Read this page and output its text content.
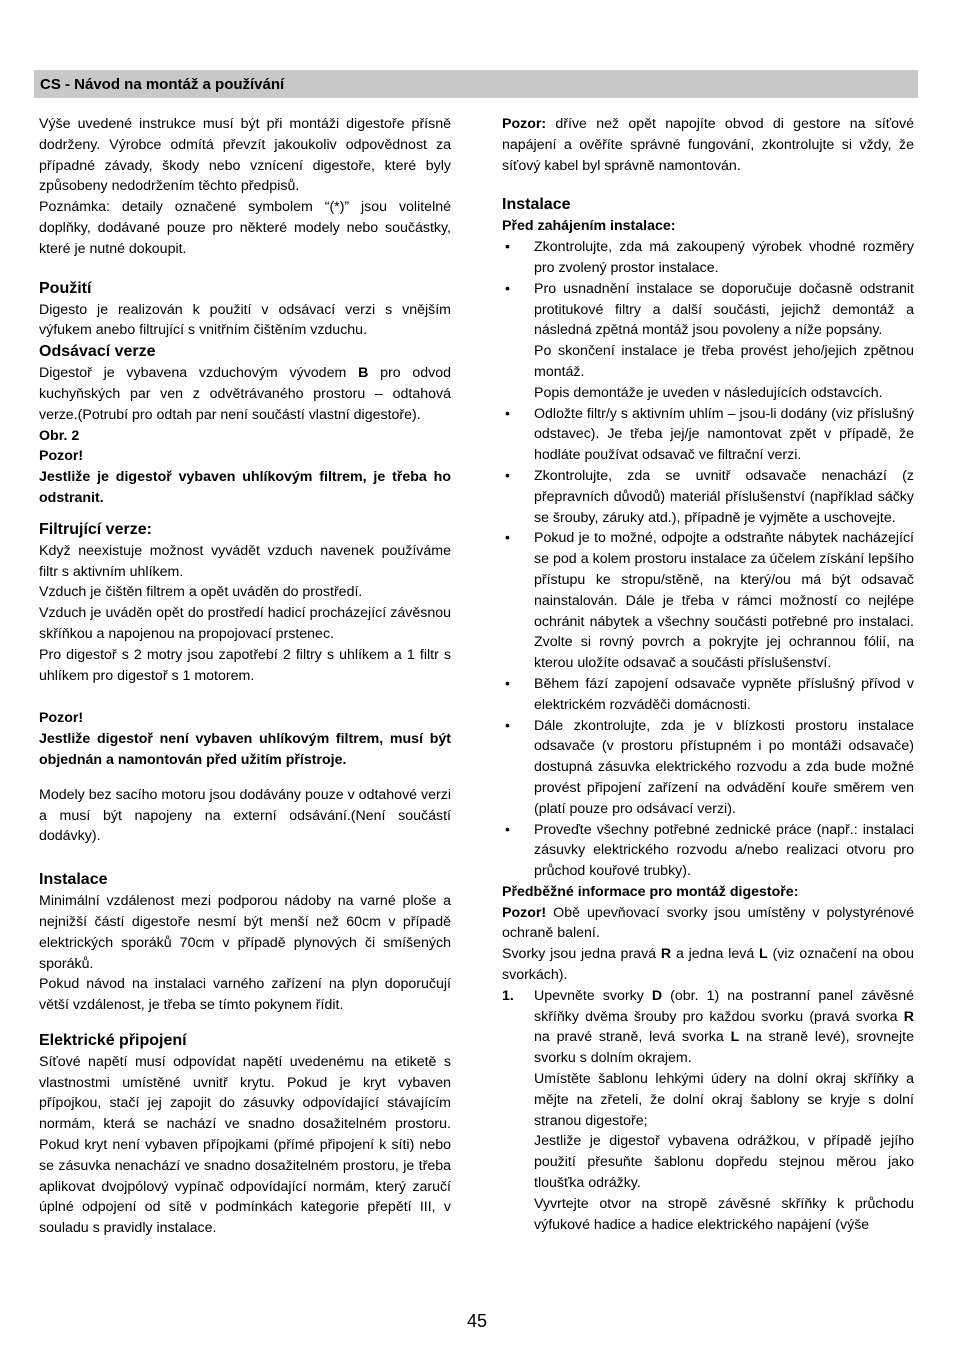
CS - Návod na montáž a používání

Výše uvedené instrukce musí být při montáži digestoře přísně dodrženy. Výrobce odmítá převzít jakoukoliv odpovědnost za případné závady, škody nebo vznícení digestoře, které byly způsobeny nedodržením těchto předpisů.

Poznámka: detaily označené symbolem “(*)” jsou volitelné doplňky, dodávané pouze pro některé modely nebo součástky, které je nutné dokoupit.

Použití

Digesto je realizován k použití v odsávací verzi s vnějším výfukem anebo filtrující s vnitřním čištěním vzduchu.

Odsávací verze

Digestoř je vybavena vzduchovým vývodem B pro odvod kuchyňských par ven z odvětrávaného prostoru – odtahová verze.(Potrubí pro odtah par není součástí vlastní digestoře).

Obr. 2

Pozor!

Jestliže je digestoř vybaven uhlíkovým filtrem, je třeba ho odstranit.

Filtrující verze:

Když neexistuje možnost vyvádět vzduch navenek používáme filtr s aktivním uhlíkem.

Vzduch je čištěn filtrem a opět uváděn do prostředí.

Vzduch je uváděn opět do prostředí hadicí procházející závěsnou skříňkou a napojenou na propojovací prstenec.

Pro digestoř s 2 motry jsou zapotřebí 2 filtry s uhlíkem a 1 filtr s uhlíkem pro digestoř s 1 motorem.

Pozor!

Jestliže digestoř není vybaven uhlíkovým filtrem, musí být objednán a namontován před užitím přístroje.

Modely bez sacího motoru jsou dodávány pouze v odtahové verzi a musí být napojeny na externí odsávání.(Není součástí dodávky).

Instalace

Minimální vzdálenost mezi podporou nádoby na varné ploše a nejnižší částí digestoře nesmí být menší než 60cm v případě elektrických sporáků 70cm v případě plynových či smíšených sporáků.

Pokud návod na instalaci varného zařízení na plyn doporučují větší vzdálenost, je třeba se tímto pokynem řídit.

Elektrické připojení

Síťové napětí musí odpovídat napětí uvedenému na etiketě s vlastnostmi umístěné uvnitř krytu. Pokud je kryt vybaven přípojkou, stačí jej zapojit do zásuvky odpovídající stávajícím normám, která se nachází ve snadno dosažitelném prostoru. Pokud kryt není vybaven přípojkami (přímé připojení k síti) nebo se zásuvka nenachází ve snadno dosažitelném prostoru, je třeba aplikovat dvojpólový vypínač odpovídající normám, který zaručí úplné odpojení od sítě v podmínkách kategorie přepětí III, v souladu s pravidly instalace.

Pozor: dříve než opět napojíte obvod di gestore na síťové napájení a ověříte správné fungování, zkontrolujte si vždy, že síťový kabel byl správně namontován.

Instalace

Před zahájením instalace:

• Zkontrolujte, zda má zakoupený výrobek vhodné rozměry pro zvolený prostor instalace.
• Pro usnadnění instalace se doporučuje dočasně odstranit protitukové filtry a další součásti, jejichž demontáž a následná zpětná montáž jsou povoleny a níže popsány.

Po skončení instalace je třeba provést jeho/jejich zpětnou montáž.

Popis demontáže je uveden v následujících odstavcích.

• Odložte filtr/y s aktivním uhlím – jsou-li dodány (viz příslušný odstavec). Je třeba jej/je namontovat zpět v případě, že hodláte používat odsavač ve filtrační verzi.
• Zkontrolujte, zda se uvnitř odsavače nenachází (z přepravních důvodů) materiál příslušenství (například sáčky se šrouby, záruky atd.), případně je vyjměte a uschovejte.
• Pokud je to možné, odpojte a odstraňte nábytek nacházející se pod a kolem prostoru instalace za účelem získání lepšího přístupu ke stropu/stěně, na který/ou má být odsavač nainstalován. Dále je třeba v rámci možností co nejlépe ochránit nábytek a všechny součásti potřebné pro instalaci. Zvolte si rovný povrch a pokryjte jej ochrannou fólií, na kterou uložíte odsavač a součásti příslušenství.
• Během fází zapojení odsavače vypněte příslušný přívod v elektrickém rozváděči domácnosti.
• Dále zkontrolujte, zda je v blízkosti prostoru instalace odsavače (v prostoru přístupném i po montáži odsavače) dostupná zásuvka elektrického rozvodu a zda bude možné provést připojení zařízení na odvádění kouře směrem ven (platí pouze pro odsávací verzi).
• Proveďte všechny potřebné zednické práce (např.: instalaci zásuvky elektrického rozvodu a/nebo realizaci otvoru pro průchod kouřové trubky).

Předběžné informace pro montáž digestoře:

Pozor! Obě upevňovací svorky jsou umístěny v polystyrénové ochraně balení.

Svorky jsou jedna pravá R a jedna levá L (viz označení na obou svorkách).

1. Upevněte svorky D (obr. 1) na postranní panel závěsné skříňky dvěma šrouby pro každou svorku (pravá svorka R na pravé straně, levá svorka L na straně levé), srovnejte svorku s dolním okrajem.

Umístěte šablonu lehkými údery na dolní okraj skříňky a mějte na zřeteli, že dolní okraj šablony se kryje s dolní stranou digestoře;

Jestliže je digestoř vybavena odrážkou, v případě jejího použití přesuňte šablonu dopředu stejnou měrou jako tloušťka odrážky.

Vyvrtejte otvor na stropě závěsné skříňky k průchodu výfukové hadice a hadice elektrického napájení (výše

45
